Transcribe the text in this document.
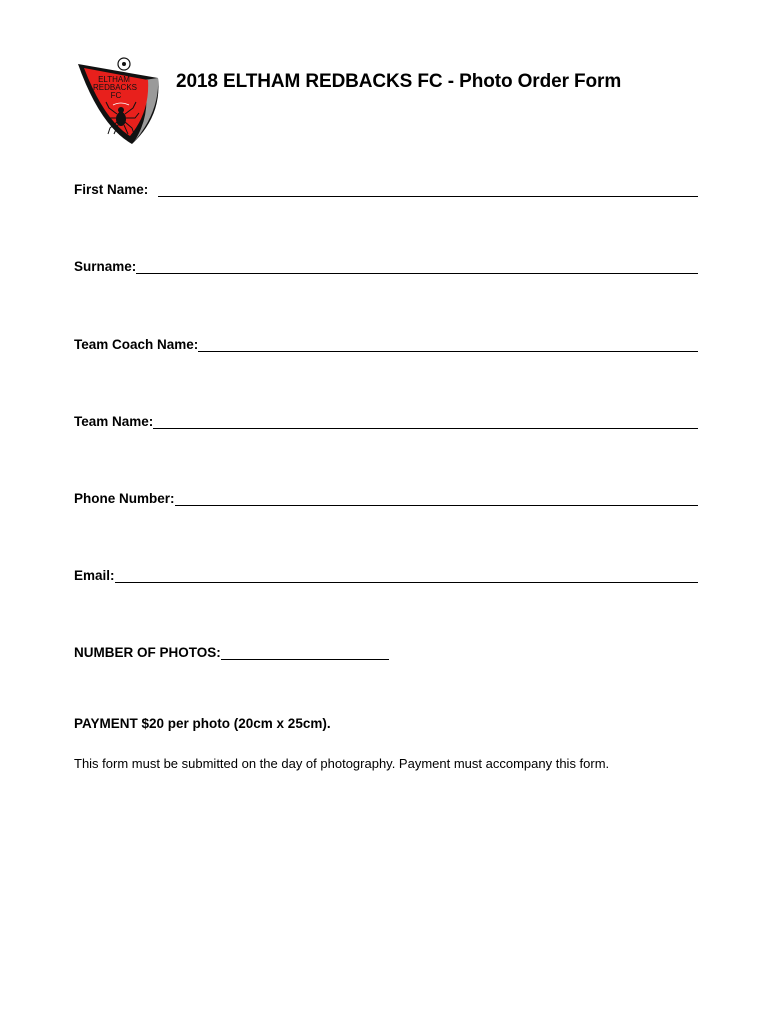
ELTHAM
REDBACKS
FC
2018 ELTHAM REDBACKS FC - Photo Order Form
First Name:
Surname:
Team Coach Name:
Team Name:
Phone Number:
Email:
NUMBER OF PHOTOS:
PAYMENT $20 per photo (20cm x 25cm).
This form must be submitted on the day of photography. Payment must accompany this form.
